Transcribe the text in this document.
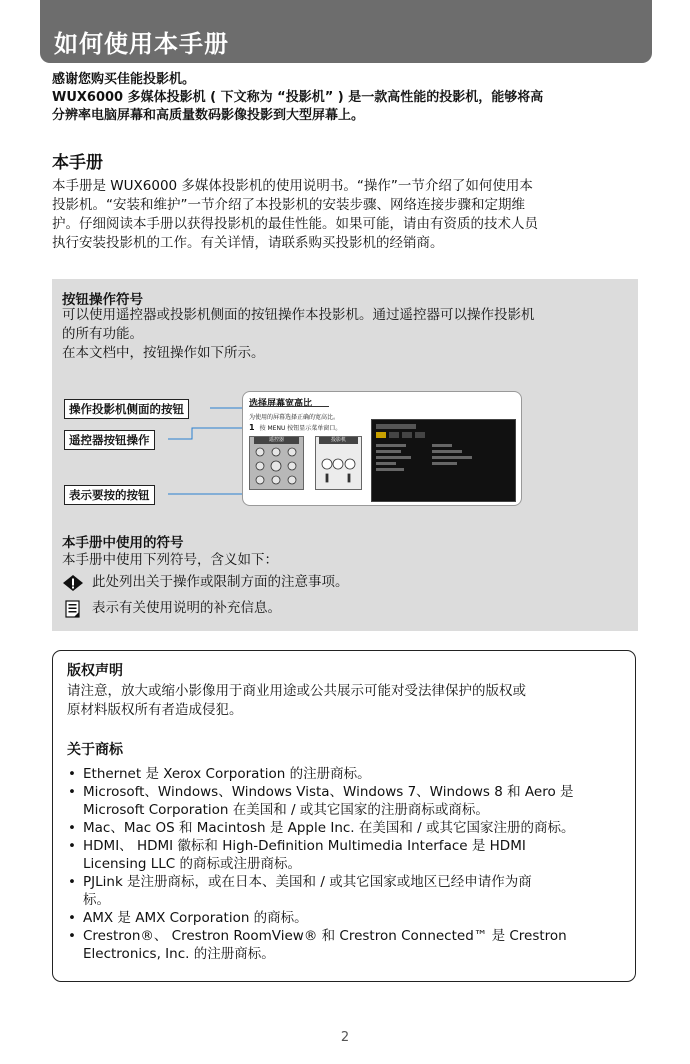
如何使用本手册

感谢您购买佳能投影机。

WUX6000 多媒体投影机 ( 下文称为 “投影机” ) 是一款高性能的投影机，能够将高

分辨率电脑屏幕和高质量数码影像投影到大型屏幕上。

本手册

本手册是 WUX6000 多媒体投影机的使用说明书。“操作”一节介绍了如何使用本

投影机。“安装和维护”一节介绍了本投影机的安装步骤、网络连接步骤和定期维

护。仔细阅读本手册以获得投影机的最佳性能。如果可能，请由有资质的技术人员

执行安装投影机的工作。有关详情，请联系购买投影机的经销商。

按钮操作符号

可以使用遥控器或投影机侧面的按钮操作本投影机。通过遥控器可以操作投影机

的所有功能。

在本文档中，按钮操作如下所示。

操作投影机侧面的按钮
遥控器按钮操作
表示要按的按钮
选择屏幕宽高比
为使用的屏幕选择正确的宽高比。
1 按 MENU 按钮显示菜单窗口。
遥控器	投影机
本手册中使用的符号
本手册中使用下列符号，含义如下：
此处列出关于操作或限制方面的注意事项。
表示有关使用说明的补充信息。
版权声明

请注意，放大或缩小影像用于商业用途或公共展示可能对受法律保护的版权或

原材料版权所有者造成侵犯。

关于商标
• Ethernet 是 Xerox Corporation 的注册商标。
• Microsoft、Windows、Windows Vista、Windows 7、Windows 8 和 Aero 是
Microsoft Corporation 在美国和 / 或其它国家的注册商标或商标。
• Mac、Mac OS 和 Macintosh 是 Apple Inc. 在美国和 / 或其它国家注册的商标。
• HDMI、 HDMI 徽标和 High-Definition Multimedia Interface 是 HDMI
Licensing LLC 的商标或注册商标。
• PJLink 是注册商标，或在日本、美国和 / 或其它国家或地区已经申请作为商
标。
• AMX 是 AMX Corporation 的商标。
• Crestron®、 Crestron RoomView® 和 Crestron Connected™ 是 Crestron
Electronics, Inc. 的注册商标。
2
